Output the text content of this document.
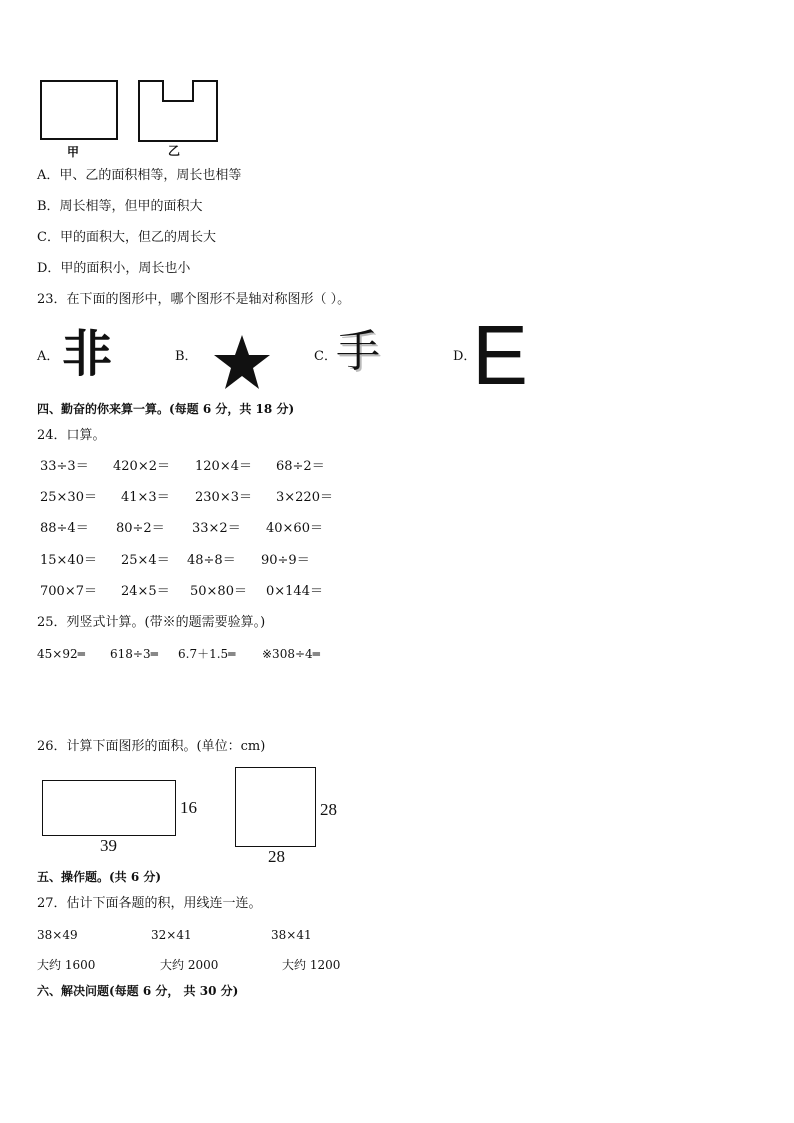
甲	乙
A．甲、乙的面积相等，周长也相等
B．周长相等，但甲的面积大
C．甲的面积大，但乙的周长大
D．甲的面积小，周长也小
23．在下面的图形中，哪个图形不是轴对称图形（ ）。
A． 非	B．	C． 手	D．
E
四、勤奋的你来算一算。(每题 6 分，共 18 分)
24．口算。
33÷3＝ 420×2＝ 120×4＝ 68÷2＝
25×30＝ 41×3＝ 230×3＝ 3×220＝
88÷4＝ 80÷2＝ 33×2＝ 40×60＝
15×40＝ 25×4＝ 48÷8＝ 90÷9＝
700×7＝ 24×5＝ 50×80＝ 0×144＝
25．列竖式计算。(带※的题需要验算。)
45×92═ 618÷3═ 6.7＋1.5═ ※308÷4═
26．计算下面图形的面积。(单位：cm)
16
39
28
28
五、操作题。(共 6 分)
27．估计下面各题的积，用线连一连。
38×49	32×41	38×41
大约 1600	大约 2000	大约 1200
六、解决问题(每题 6 分， 共 30 分)
